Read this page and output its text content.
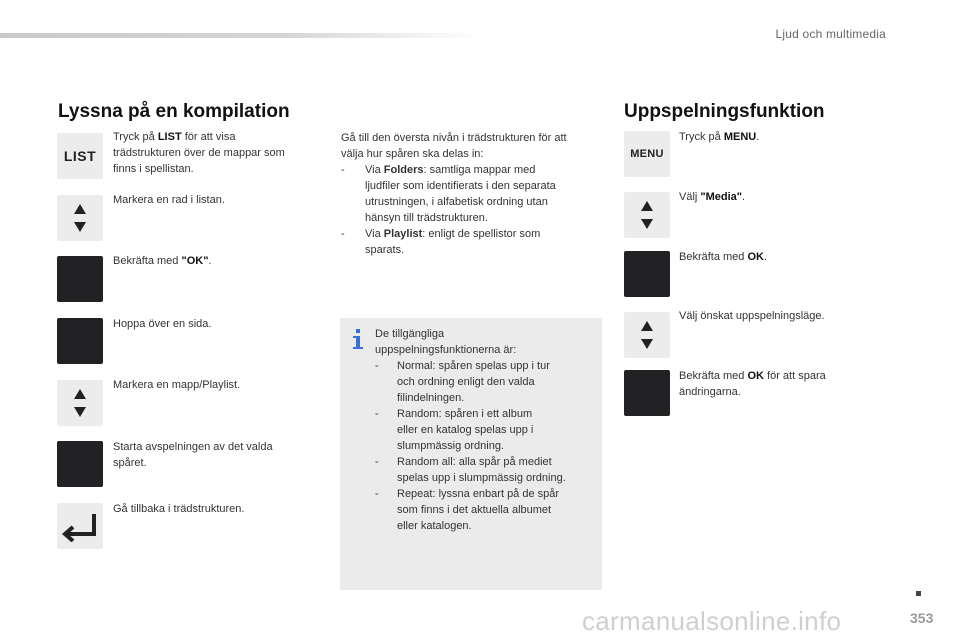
Ljud och multimedia
Lyssna på en kompilation
LIST
Tryck på LIST för att visa
trädstrukturen över de mappar som
finns i spellistan.
Markera en rad i listan.
Bekräfta med "OK".
Hoppa över en sida.
Markera en mapp/Playlist.
Starta avspelningen av det valda
spåret.
Gå tillbaka i trädstrukturen.
Gå till den översta nivån i trädstrukturen för att
välja hur spåren ska delas in:
-	Via Folders: samtliga mappar med
ljudfiler som identifierats i den separata
utrustningen, i alfabetisk ordning utan
hänsyn till trädstrukturen.
-	Via Playlist: enligt de spellistor som
sparats.
De tillgängliga
uppspelningsfunktionerna är:
-	Normal: spåren spelas upp i tur
och ordning enligt den valda
filindelningen.
-	Random: spåren i ett album
eller en katalog spelas upp i
slumpmässig ordning.
-	Random all: alla spår på mediet
spelas upp i slumpmässig ordning.
-	Repeat: lyssna enbart på de spår
som finns i det aktuella albumet
eller katalogen.
Uppspelningsfunktion
MENU
Tryck på MENU.
Välj "Media".
Bekräfta med OK.
Välj önskat uppspelningsläge.
Bekräfta med OK för att spara
ändringarna.
carmanualsonline.info	353
